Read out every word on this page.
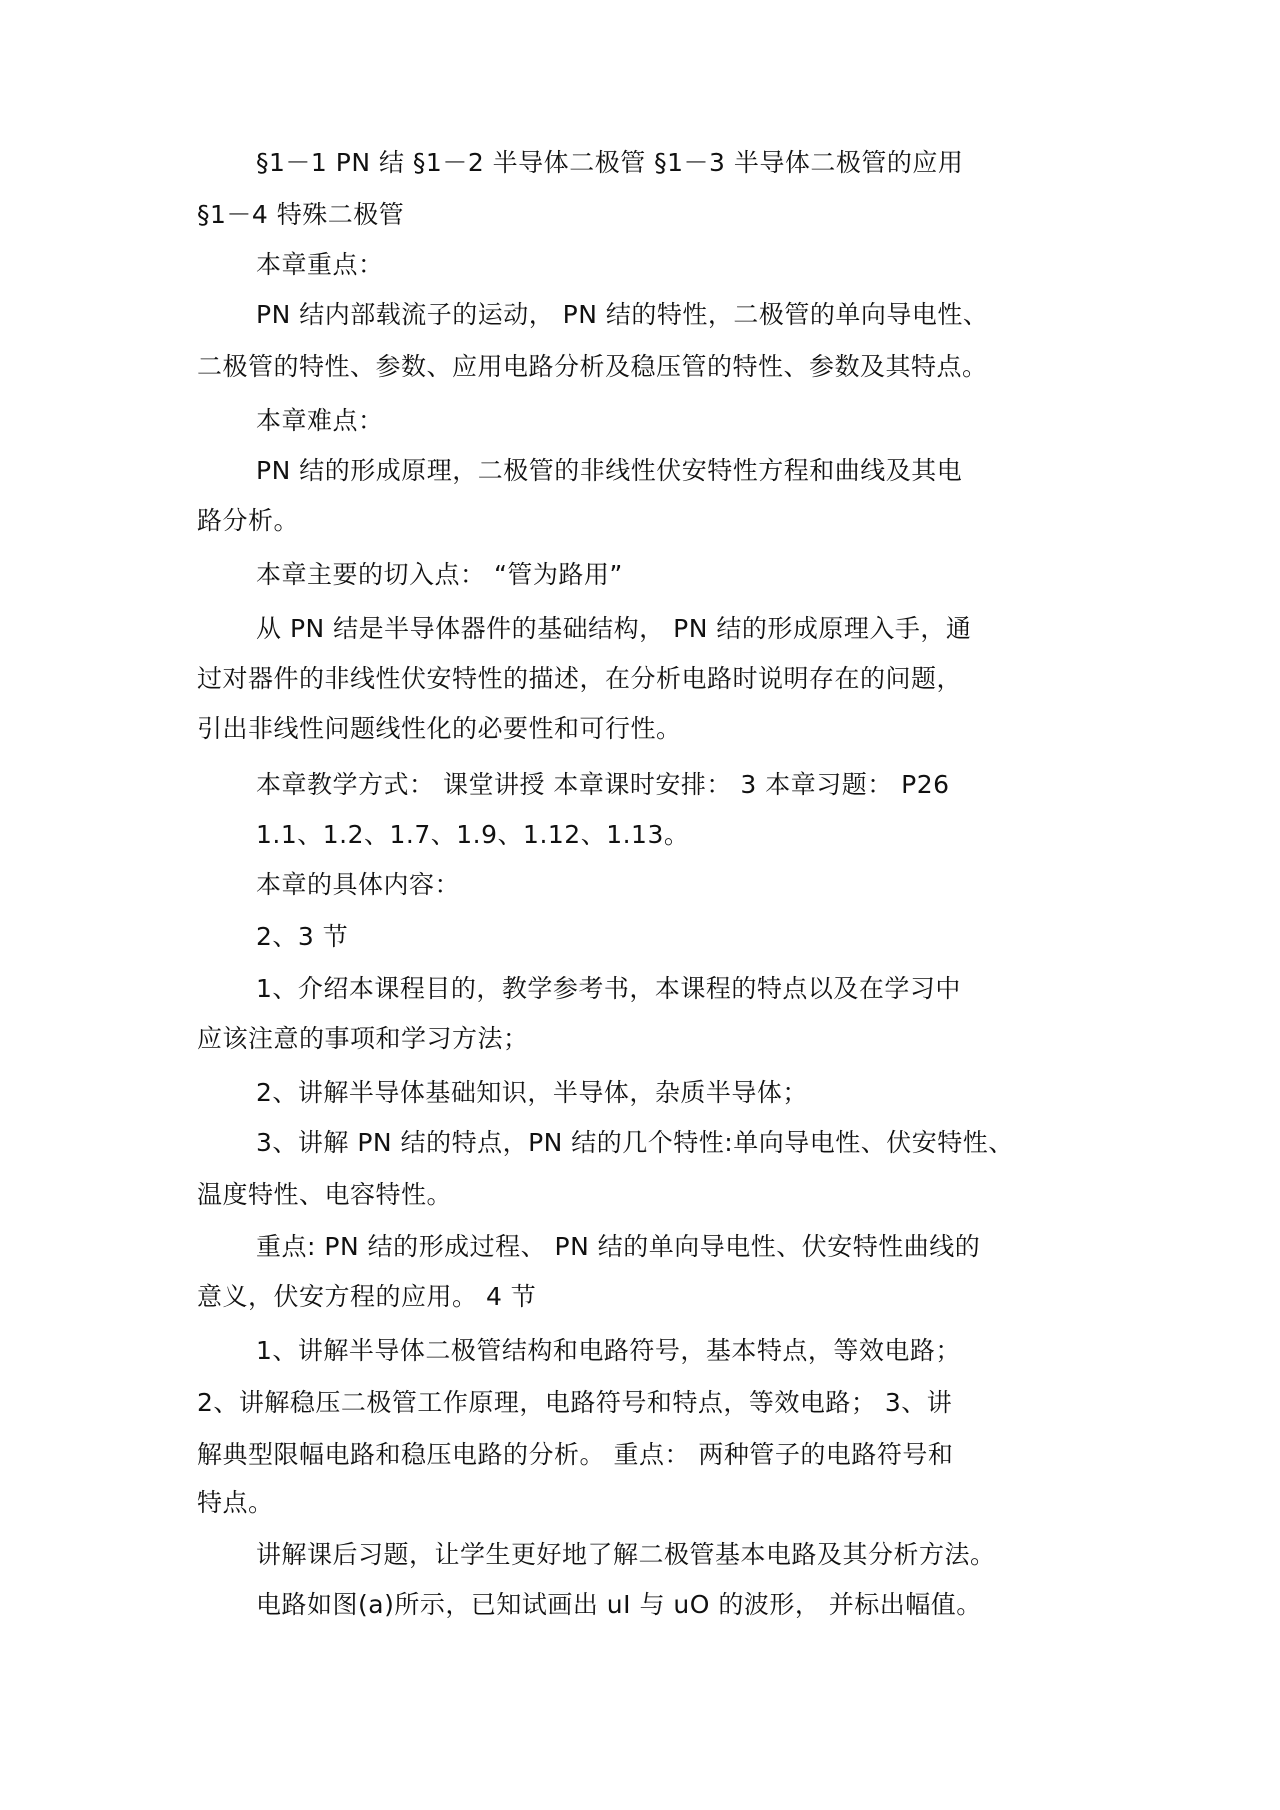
§1－1 PN 结 §1－2 半导体二极管 §1－3 半导体二极管的应用
§1－4 特殊二极管
本章重点：
PN 结内部载流子的运动， PN 结的特性，二极管的单向导电性、
二极管的特性、参数、应用电路分析及稳压管的特性、参数及其特点。
本章难点：
PN 结的形成原理，二极管的非线性伏安特性方程和曲线及其电
路分析。
本章主要的切入点： “管为路用”
从 PN 结是半导体器件的基础结构， PN 结的形成原理入手，通
过对器件的非线性伏安特性的描述，在分析电路时说明存在的问题，
引出非线性问题线性化的必要性和可行性。
本章教学方式： 课堂讲授 本章课时安排： 3 本章习题： P26
1.1、1.2、1.7、1.9、1.12、1.13。
本章的具体内容：
2、3 节
1、介绍本课程目的，教学参考书，本课程的特点以及在学习中
应该注意的事项和学习方法；
2、讲解半导体基础知识，半导体，杂质半导体；
3、讲解 PN 结的特点，PN 结的几个特性:单向导电性、伏安特性、
温度特性、电容特性。
重点: PN 结的形成过程、 PN 结的单向导电性、伏安特性曲线的
意义，伏安方程的应用。 4 节
1、讲解半导体二极管结构和电路符号，基本特点，等效电路；
2、讲解稳压二极管工作原理，电路符号和特点，等效电路； 3、讲
解典型限幅电路和稳压电路的分析。 重点： 两种管子的电路符号和
特点。
讲解课后习题，让学生更好地了解二极管基本电路及其分析方法。
电路如图(a)所示，已知试画出 uI 与 uO 的波形， 并标出幅值。
